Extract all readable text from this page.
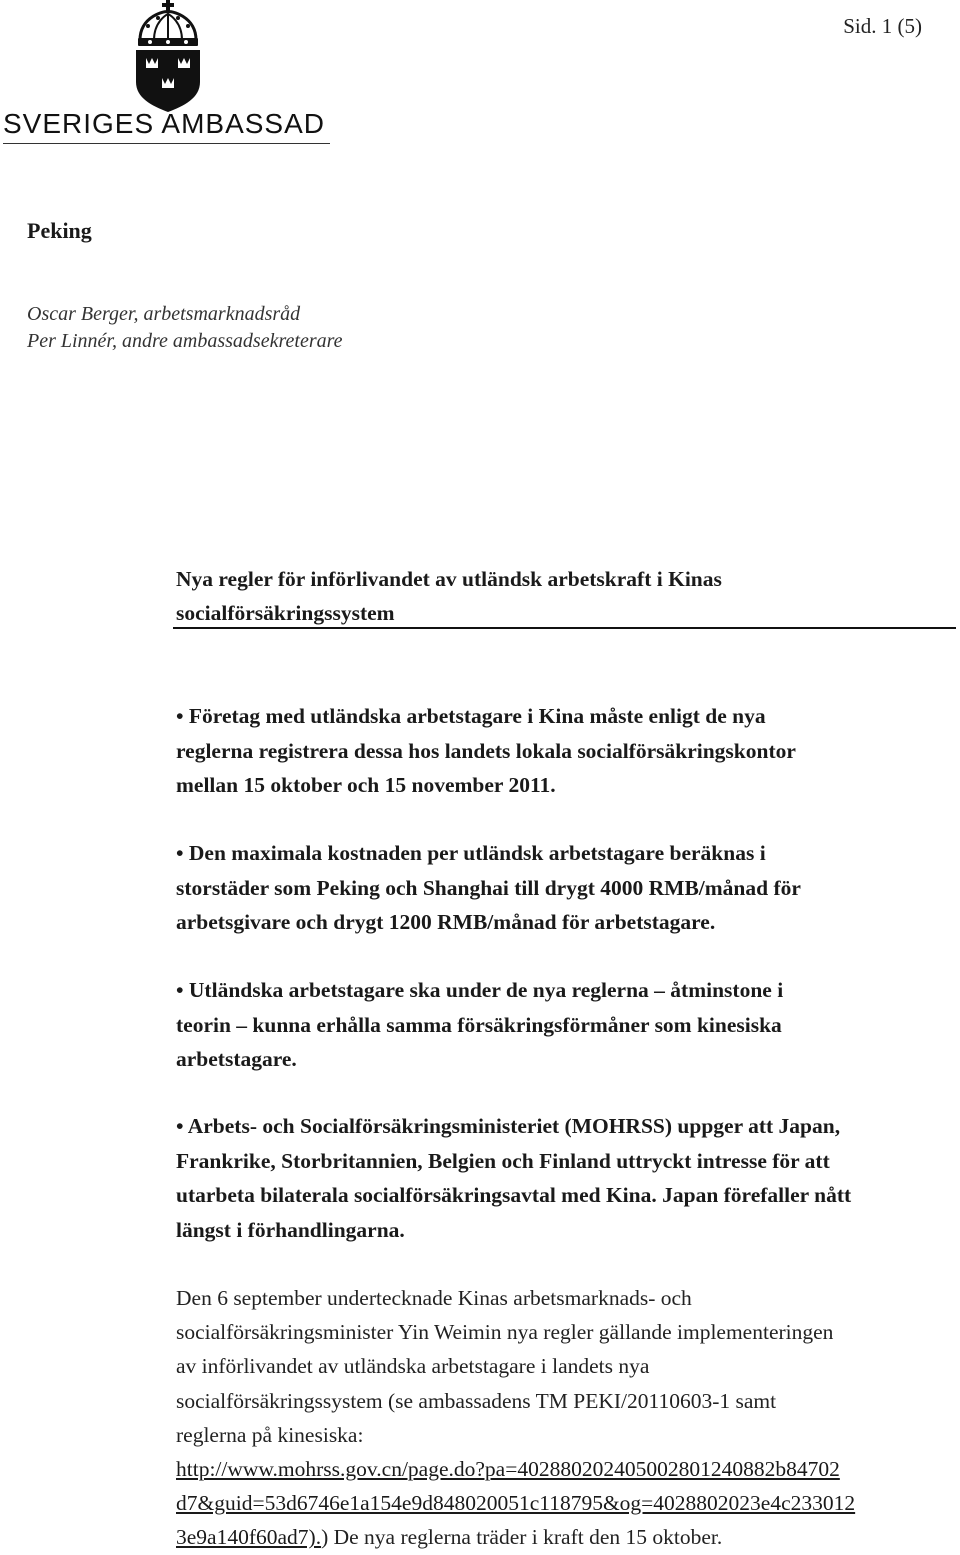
SVERIGES AMBASSAD
Sid. 1 (5)
Peking
Oscar Berger, arbetsmarknadsråd
Per Linnér, andre ambassadsekreterare
Nya regler för införlivandet av utländsk arbetskraft i Kinas
socialförsäkringssystem
• Företag med utländska arbetstagare i Kina måste enligt de nya
reglerna registrera dessa hos landets lokala socialförsäkringskontor
mellan 15 oktober och 15 november 2011.
• Den maximala kostnaden per utländsk arbetstagare beräknas i
storstäder som Peking och Shanghai till drygt 4000 RMB/månad för
arbetsgivare och drygt 1200 RMB/månad för arbetstagare.
• Utländska arbetstagare ska under de nya reglerna – åtminstone i
teorin – kunna erhålla samma försäkringsförmåner som kinesiska
arbetstagare.
• Arbets- och Socialförsäkringsministeriet (MOHRSS) uppger att Japan,
Frankrike, Storbritannien, Belgien och Finland uttryckt intresse för att
utarbeta bilaterala socialförsäkringsavtal med Kina. Japan förefaller nått
längst i förhandlingarna.
Den 6 september undertecknade Kinas arbetsmarknads- och
socialförsäkringsminister Yin Weimin nya regler gällande implementeringen
av införlivandet av utländska arbetstagare i landets nya
socialförsäkringssystem (se ambassadens TM PEKI/20110603-1 samt
reglerna på kinesiska:
http://www.mohrss.gov.cn/page.do?pa=402880202405002801240882b84702
d7&guid=53d6746e1a154e9d848020051c118795&og=4028802023e4c233012
3e9a140f60ad7).) De nya reglerna träder i kraft den 15 oktober.
